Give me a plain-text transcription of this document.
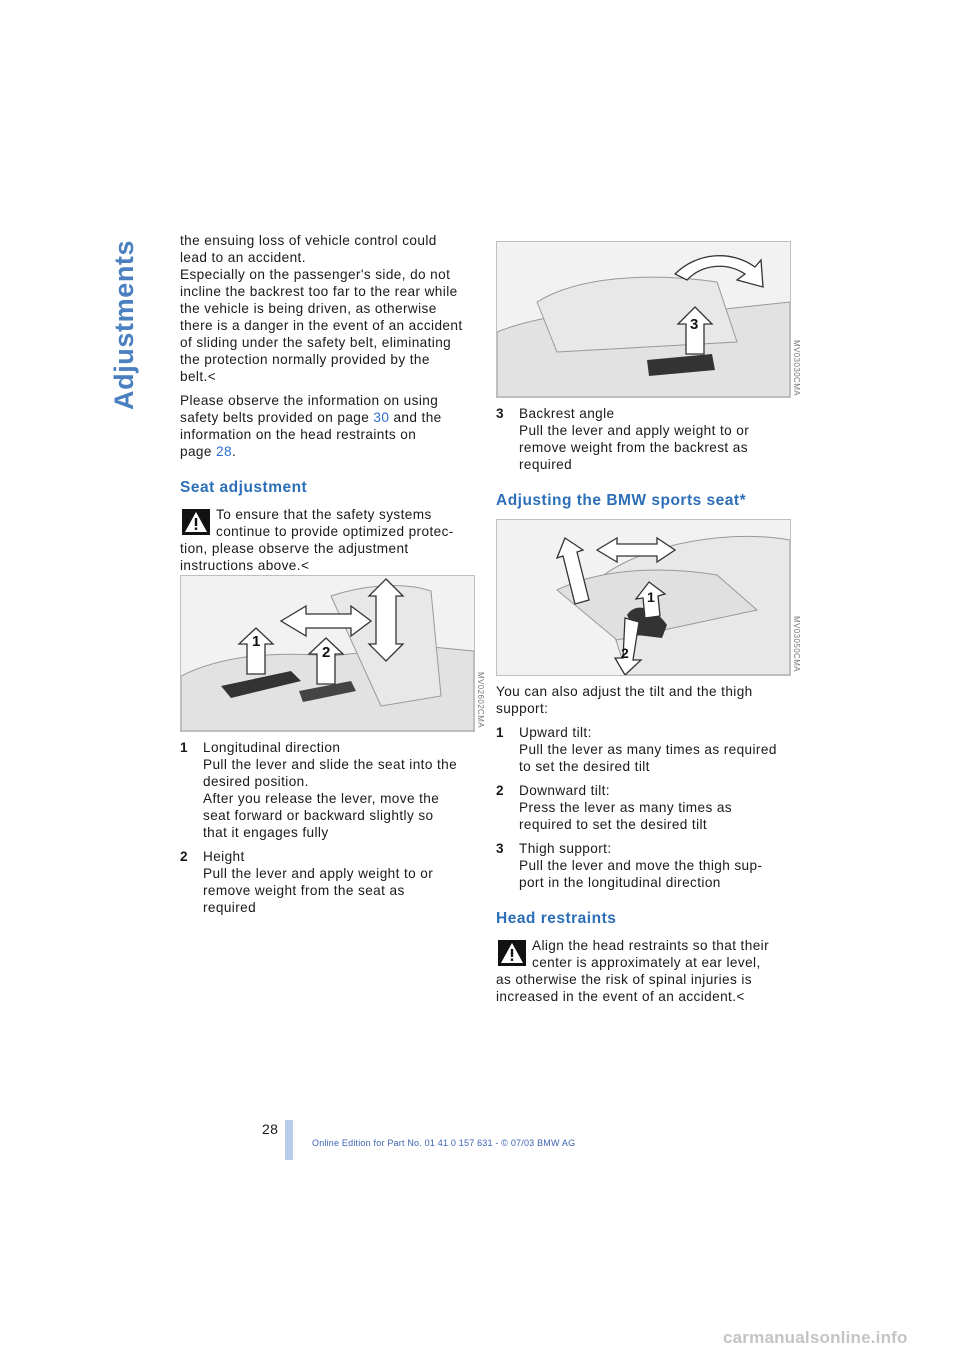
Adjustments	the ensuing loss of vehicle control could
lead to an accident.
Especially on the passenger's side, do not
incline the backrest too far to the rear while
the vehicle is being driven, as otherwise
there is a danger in the event of an accident
of sliding under the safety belt, eliminating
the protection normally provided by the
belt.<

Please observe the information on using
safety belts provided on page 30 and the
information on the head restraints on
page 28.

Seat adjustment
To ensure that the safety systems
continue to provide optimized protec-
tion, please observe the adjustment
instructions above.<
1
2
MV02602CMA
1	Longitudinal direction
Pull the lever and slide the seat into the
desired position.
After you release the lever, move the
seat forward or backward slightly so
that it engages fully
2	Height
Pull the lever and apply weight to or
remove weight from the seat as
required
3
MV03030CMA
3	Backrest angle
Pull the lever and apply weight to or
remove weight from the backrest as
required
Adjusting the BMW sports seat*
1
2	MV03050CMA

You can also adjust the tilt and the thigh
support:

1	Upward tilt:
Pull the lever as many times as required
to set the desired tilt
2	Downward tilt:
Press the lever as many times as
required to set the desired tilt
3	Thigh support:
Pull the lever and move the thigh sup-
port in the longitudinal direction
Head restraints
Align the head restraints so that their
center is approximately at ear level,
as otherwise the risk of spinal injuries is
increased in the event of an accident.<
28
Online Edition for Part No. 01 41 0 157 631 - © 07/03 BMW AG
carmanualsonline.info
